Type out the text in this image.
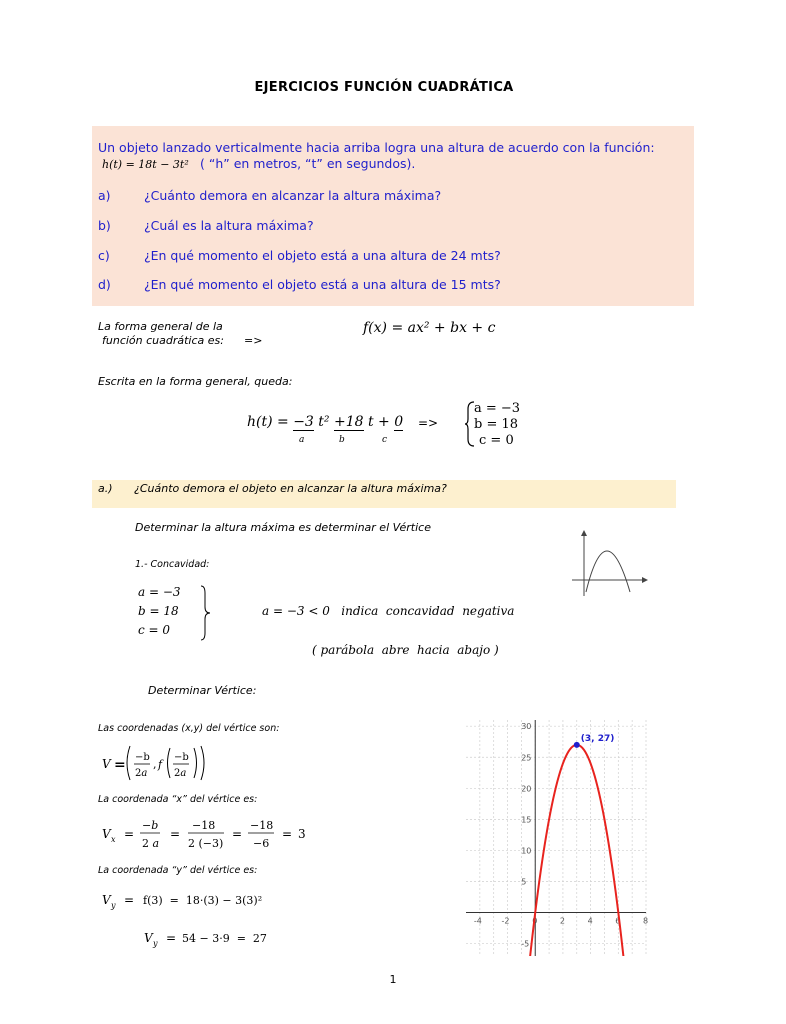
EJERCICIOS FUNCIÓN CUADRÁTICA
Un objeto lanzado verticalmente hacia arriba logra una altura de acuerdo con la función:
h(t) = 18t − 3t² ( “h” en metros, “t” en segundos).
a)	¿Cuánto demora en alcanzar la altura máxima?
b)	¿Cuál es la altura máxima?
c)	¿En qué momento el objeto está a una altura de 24 mts?
d)	¿En qué momento el objeto está a una altura de 15 mts?
La forma general de la
función cuadrática es: =>
f(x) = ax² + bx + c
Escrita en la forma general, queda:
h(t) = −3 t² +18 t + 0
a	b	c
=>
a = −3
b = 18
c = 0
a.) ¿Cuánto demora el objeto en alcanzar la altura máxima?
Determinar la altura máxima es determinar el Vértice
1.- Concavidad:
a = −3
b = 18
c = 0
a = −3 < 0   indica  concavidad  negativa
( parábola  abre  hacia  abajo )
Determinar Vértice:
Las coordenadas (x,y) del vértice son:
V = −b
2a
, f
−b
2a
La coordenada “x” del vértice es:
V x =
−b
2 a
=
−18
2 (−3)
=
−18
−6
= 3
La coordenada “y” del vértice es:
V y = f(3)  =  18·(3) − 3(3)²
V y = 54 − 3·9  =  27
-4 -2	0	2	4	6	8
30
25
20
15
10
5
-5
(3, 27)
1
